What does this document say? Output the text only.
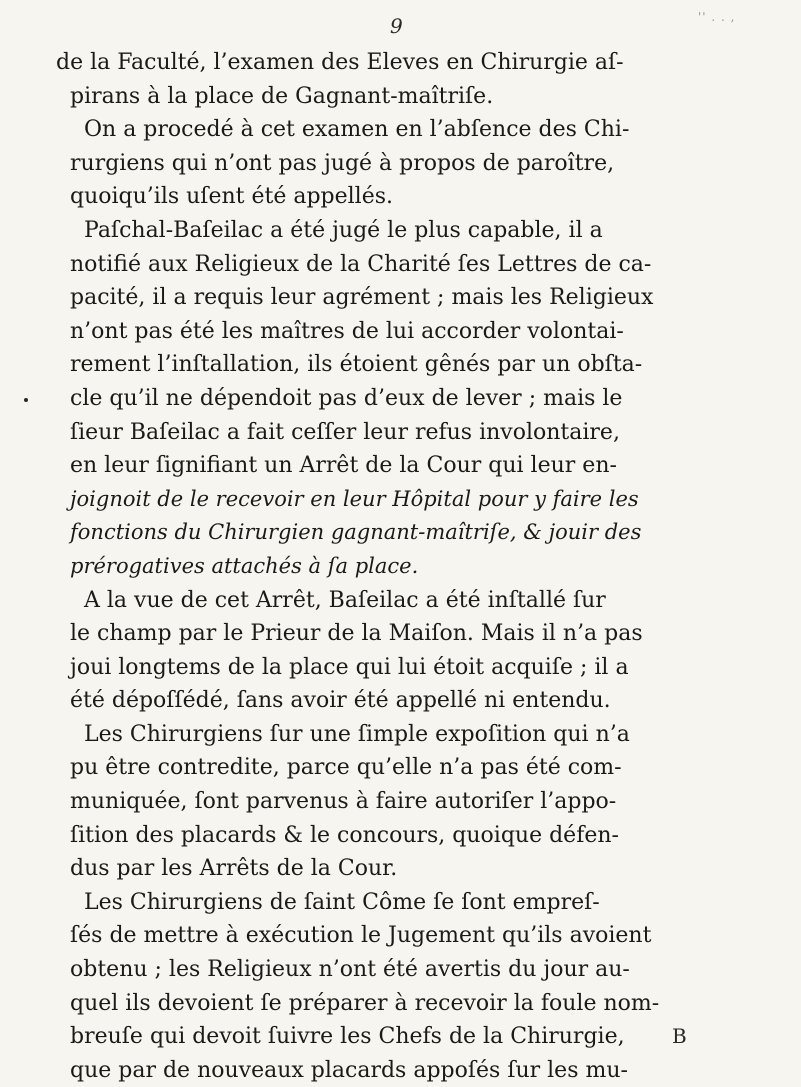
'' . . ,
9
de la Faculté, l’examen des Eleves en Chirurgie aſ-
pirans à la place de Gagnant-maîtriſe.
On a procedé à cet examen en l’abſence des Chi-
rurgiens qui n’ont pas jugé à propos de paroître,
quoiqu’ils uſent été appellés.
Paſchal-Baſeilac a été jugé le plus capable, il a
notifié aux Religieux de la Charité ſes Lettres de ca-
pacité, il a requis leur agrément ; mais les Religieux
n’ont pas été les maîtres de lui accorder volontai-
rement l’inſtallation, ils étoient gênés par un obſta-
cle qu’il ne dépendoit pas d’eux de lever ; mais le
ſieur Baſeilac a fait ceſſer leur refus involontaire,
en leur ſignifiant un Arrêt de la Cour qui leur en-
joignoit de le recevoir en leur Hôpital pour y faire les
fonctions du Chirurgien gagnant-maîtriſe, & jouir des
prérogatives attachés à ſa place.
A la vue de cet Arrêt, Baſeilac a été inſtallé ſur
le champ par le Prieur de la Maiſon. Mais il n’a pas
joui longtems de la place qui lui étoit acquiſe ; il a
été dépoſſédé, ſans avoir été appellé ni entendu.
Les Chirurgiens ſur une ſimple expoſition qui n’a
pu être contredite, parce qu’elle n’a pas été com-
muniquée, ſont parvenus à faire autoriſer l’appo-
ſition des placards & le concours, quoique défen-
dus par les Arrêts de la Cour.
Les Chirurgiens de ſaint Côme ſe ſont empreſ-
ſés de mettre à exécution le Jugement qu’ils avoient
obtenu ; les Religieux n’ont été avertis du jour au-
quel ils devoient ſe préparer à recevoir la foule nom-
breuſe qui devoit ſuivre les Chefs de la Chirurgie,
que par de nouveaux placards appoſés ſur les mu-
B
